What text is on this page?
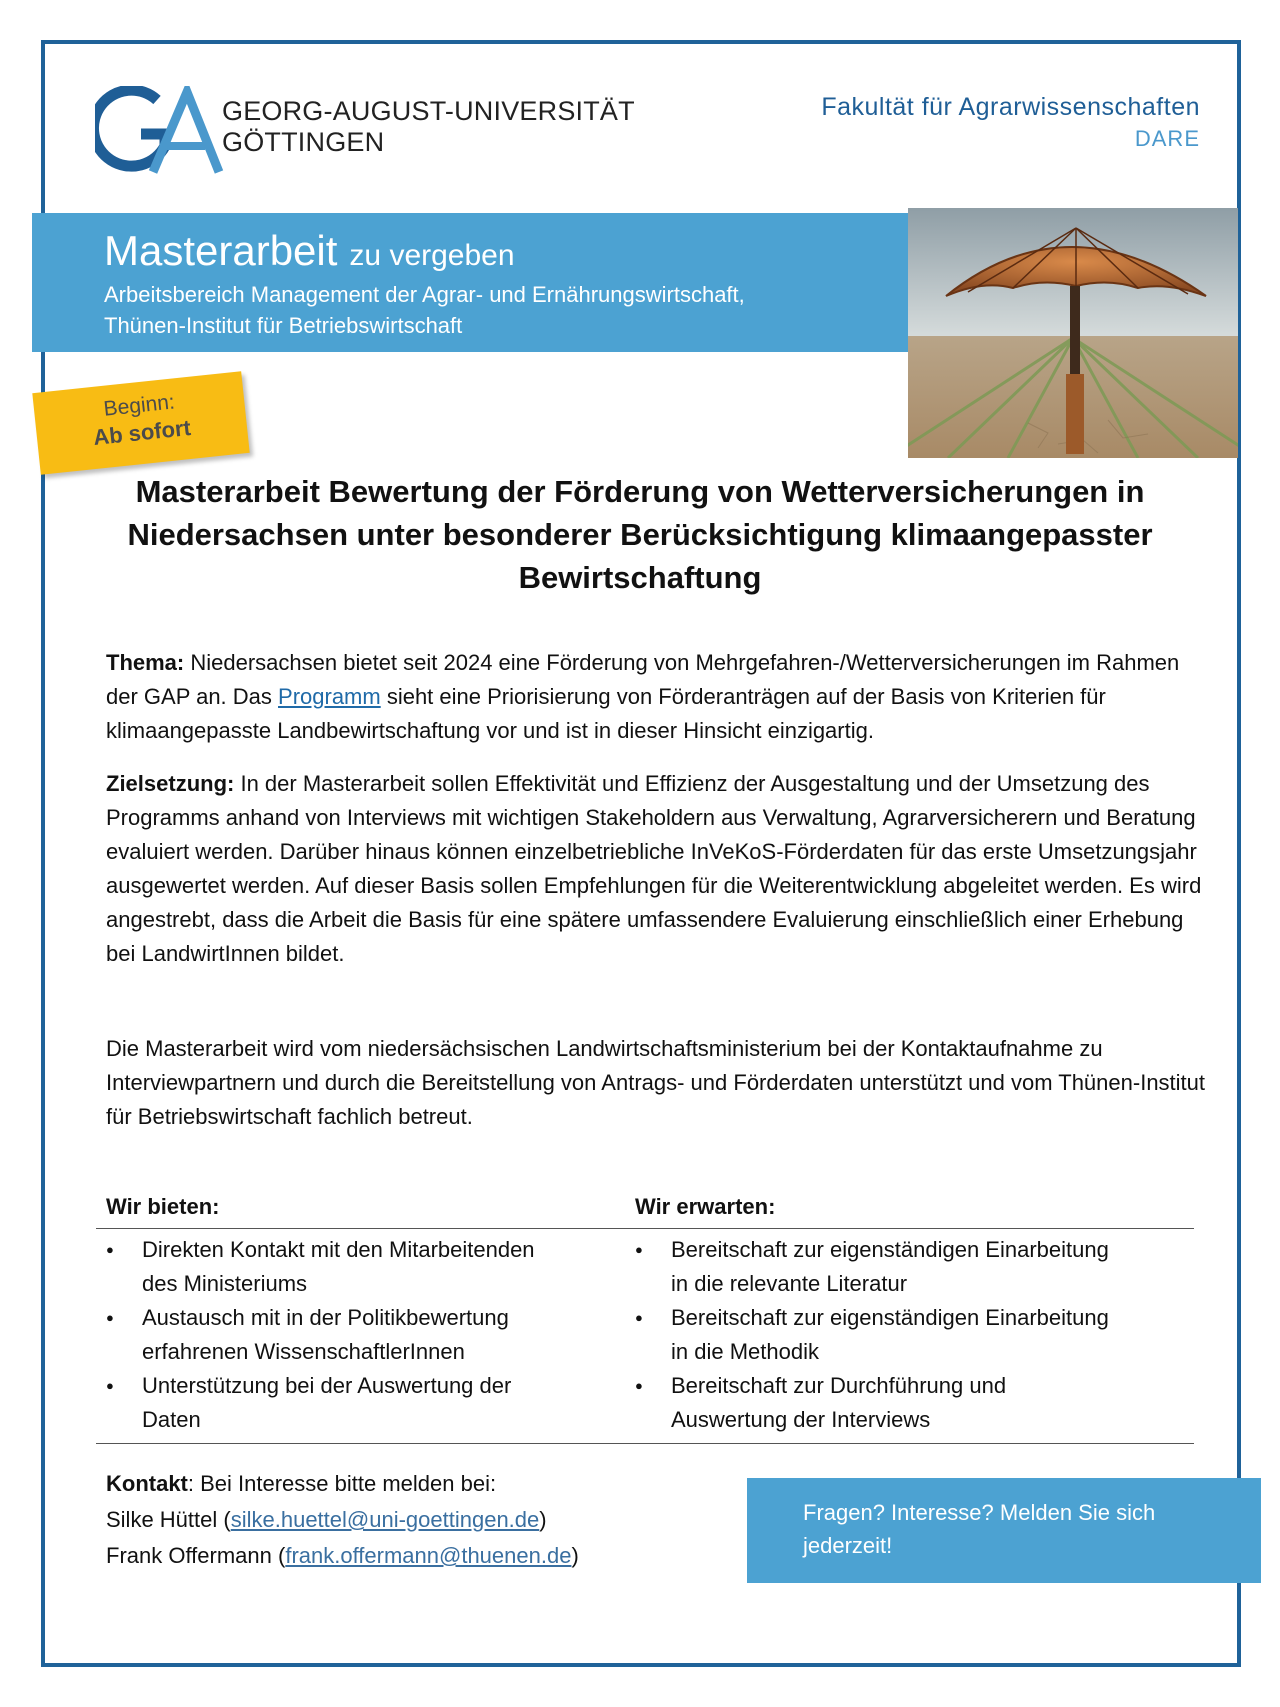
GEORG-AUGUST-UNIVERSITÄT
GÖTTINGEN
Fakultät für Agrarwissenschaften
DARE
Masterarbeit zu vergeben
Arbeitsbereich Management der Agrar- und Ernährungswirtschaft,
Thünen-Institut für Betriebswirtschaft
Beginn:
Ab sofort
Masterarbeit Bewertung der Förderung von Wetterversicherungen in
Niedersachsen unter besonderer Berücksichtigung klimaangepasster
Bewirtschaftung

Thema: Niedersachsen bietet seit 2024 eine Förderung von Mehrgefahren-/Wetterversicherungen im Rahmen der GAP an. Das Programm sieht eine Priorisierung von Förderanträgen auf der Basis von Kriterien für klimaangepasste Landbewirtschaftung vor und ist in dieser Hinsicht einzigartig.

Zielsetzung: In der Masterarbeit sollen Effektivität und Effizienz der Ausgestaltung und der Umsetzung des Programms anhand von Interviews mit wichtigen Stakeholdern aus Verwaltung, Agrarversicherern und Beratung evaluiert werden. Darüber hinaus können einzelbetriebliche InVeKoS-Förderdaten für das erste Umsetzungsjahr ausgewertet werden. Auf dieser Basis sollen Empfehlungen für die Weiterentwicklung abgeleitet werden. Es wird angestrebt, dass die Arbeit die Basis für eine spätere umfassendere Evaluierung einschließlich einer Erhebung bei LandwirtInnen bildet.

Die Masterarbeit wird vom niedersächsischen Landwirtschaftsministerium bei der Kontaktaufnahme zu Interviewpartnern und durch die Bereitstellung von Antrags- und Förderdaten unterstützt und vom Thünen-Institut für Betriebswirtschaft fachlich betreut.

Wir bieten:	Wir erwarten:
● Direkten Kontakt mit den Mitarbeitenden
des Ministeriums
● Austausch mit in der Politikbewertung
erfahrenen WissenschaftlerInnen
● Unterstützung bei der Auswertung der
Daten
● Bereitschaft zur eigenständigen Einarbeitung
in die relevante Literatur
● Bereitschaft zur eigenständigen Einarbeitung
in die Methodik
● Bereitschaft zur Durchführung und
Auswertung der Interviews
Kontakt: Bei Interesse bitte melden bei:
Silke Hüttel (silke.huettel@uni-goettingen.de)
Frank Offermann (frank.offermann@thuenen.de)
Fragen? Interesse? Melden Sie sich
jederzeit!
